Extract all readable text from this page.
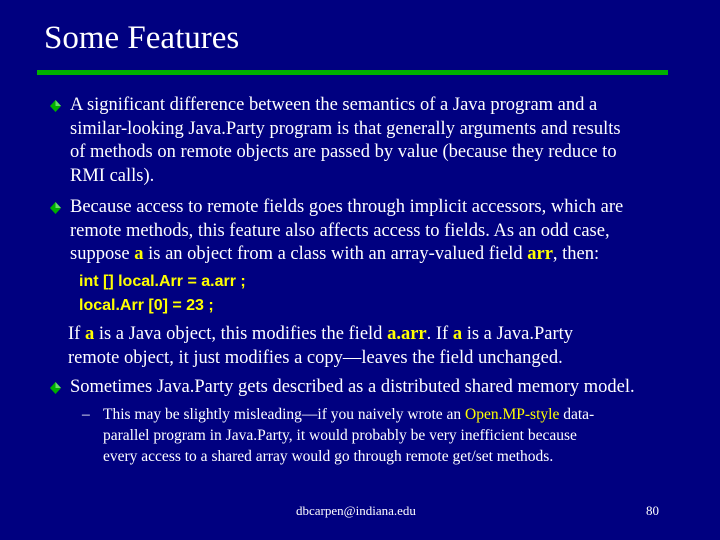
Some Features
A significant difference between the semantics of a Java program and a
similar-looking Java.Party program is that generally arguments and results
of methods on remote objects are passed by value (because they reduce to
RMI calls).
Because access to remote fields goes through implicit accessors, which are
remote methods, this feature also affects access to fields. As an odd case,
suppose a is an object from a class with an array-valued field arr, then:
int [] local.Arr = a.arr ;
local.Arr [0] = 23 ;
If a is a Java object, this modifies the field a.arr. If a is a Java.Party
remote object, it just modifies a copy—leaves the field unchanged.
Sometimes Java.Party gets described as a distributed shared memory model.
– This may be slightly misleading—if you naively wrote an Open.MP-style data-
parallel program in Java.Party, it would probably be very inefficient because
every access to a shared array would go through remote get/set methods.
dbcarpen@indiana.edu	80
